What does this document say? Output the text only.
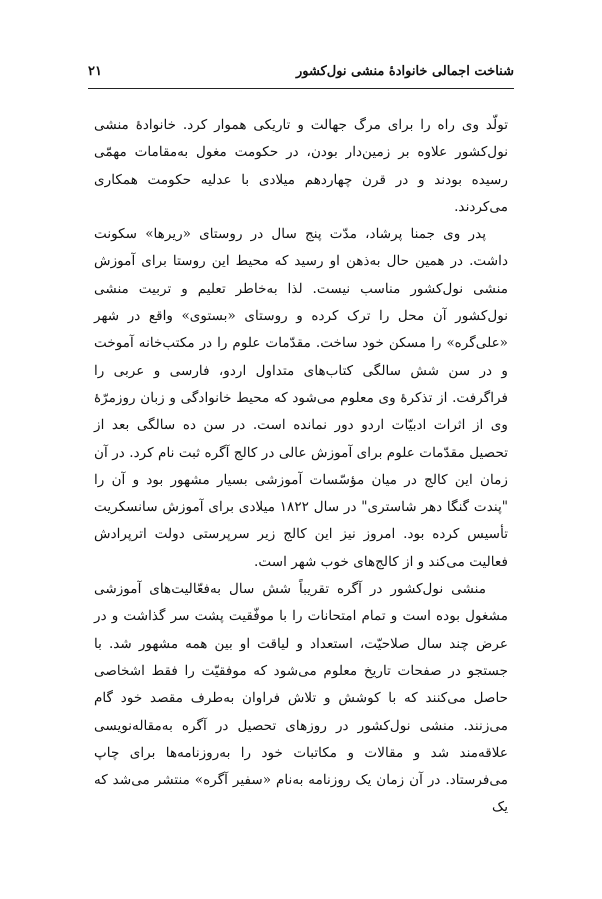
شناخت اجمالی خانوادهٔ منشی نول‌کشور
۲۱

تولّد وی راه را برای مرگ جهالت و تاریکی هموار کرد. خانوادهٔ منشی نول‌کشور علاوه بر زمین‌دار بودن، در حکومت مغول به‌مقامات مهمّی رسیده بودند و در قرن چهاردهم میلادی با عدلیه حکومت همکاری می‌کردند.

پدر وی جمنا پرشاد، مدّت پنج سال در روستای «ریرها» سکونت داشت. در همین حال به‌ذهن او رسید که محیط این روستا برای آموزش منشی نول‌کشور مناسب نیست. لذا به‌خاطر تعلیم و تربیت منشی نول‌کشور آن محل را ترک کرده و روستای «بستوی» واقع در شهر «علی‌گره» را مسکن خود ساخت. مقدّمات علوم را در مکتب‌خانه آموخت و در سن شش سالگی کتاب‌های متداول اردو، فارسی و عربی را فراگرفت. از تذکرهٔ وی معلوم می‌شود که محیط خانوادگی و زبان روزمرّهٔ وی از اثرات ادبیّات اردو دور نمانده است. در سن ده سالگی بعد از تحصیل مقدّمات علوم برای آموزش عالی در کالج آگره ثبت نام کرد. در آن زمان این کالج در میان مؤسّسات آموزشی بسیار مشهور بود و آن را "پندت گنگا دهر شاستری" در سال ۱۸۲۲ میلادی برای آموزش سانسکریت تأسیس کرده بود. امروز نیز این کالج زیر سرپرستی دولت اترپرادش فعالیت می‌کند و از کالج‌های خوب شهر است.

منشی نول‌کشور در آگره تقریباً شش سال به‌فعّالیت‌های آموزشی مشغول بوده است و تمام امتحانات را با موفّقیت پشت سر گذاشت و در عرض چند سال صلاحیّت، استعداد و لیاقت او بین همه مشهور شد. با جستجو در صفحات تاریخ معلوم می‌شود که موفقیّت را فقط اشخاصی حاصل می‌کنند که با کوشش و تلاش فراوان به‌طرف مقصد خود گام می‌زنند. منشی نول‌کشور در روزهای تحصیل در آگره به‌مقاله‌نویسی علاقه‌مند شد و مقالات و مکاتبات خود را به‌روزنامه‌ها برای چاپ می‌فرستاد. در آن زمان یک روزنامه به‌نام «سفیر آگره» منتشر می‌شد که یک
